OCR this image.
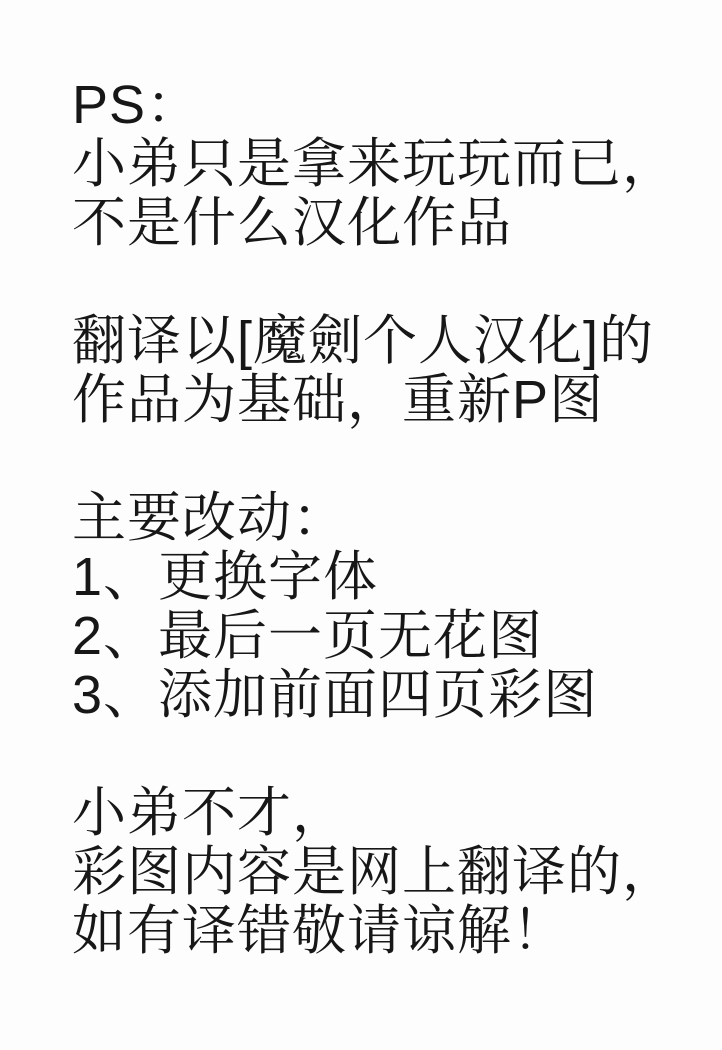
PS：
小弟只是拿来玩玩而已，
不是什么汉化作品
翻译以[魔劍个人汉化]的
作品为基础，重新P图
主要改动：
1、更换字体
2、最后一页无花图
3、添加前面四页彩图
小弟不才，
彩图内容是网上翻译的，
如有译错敬请谅解！
